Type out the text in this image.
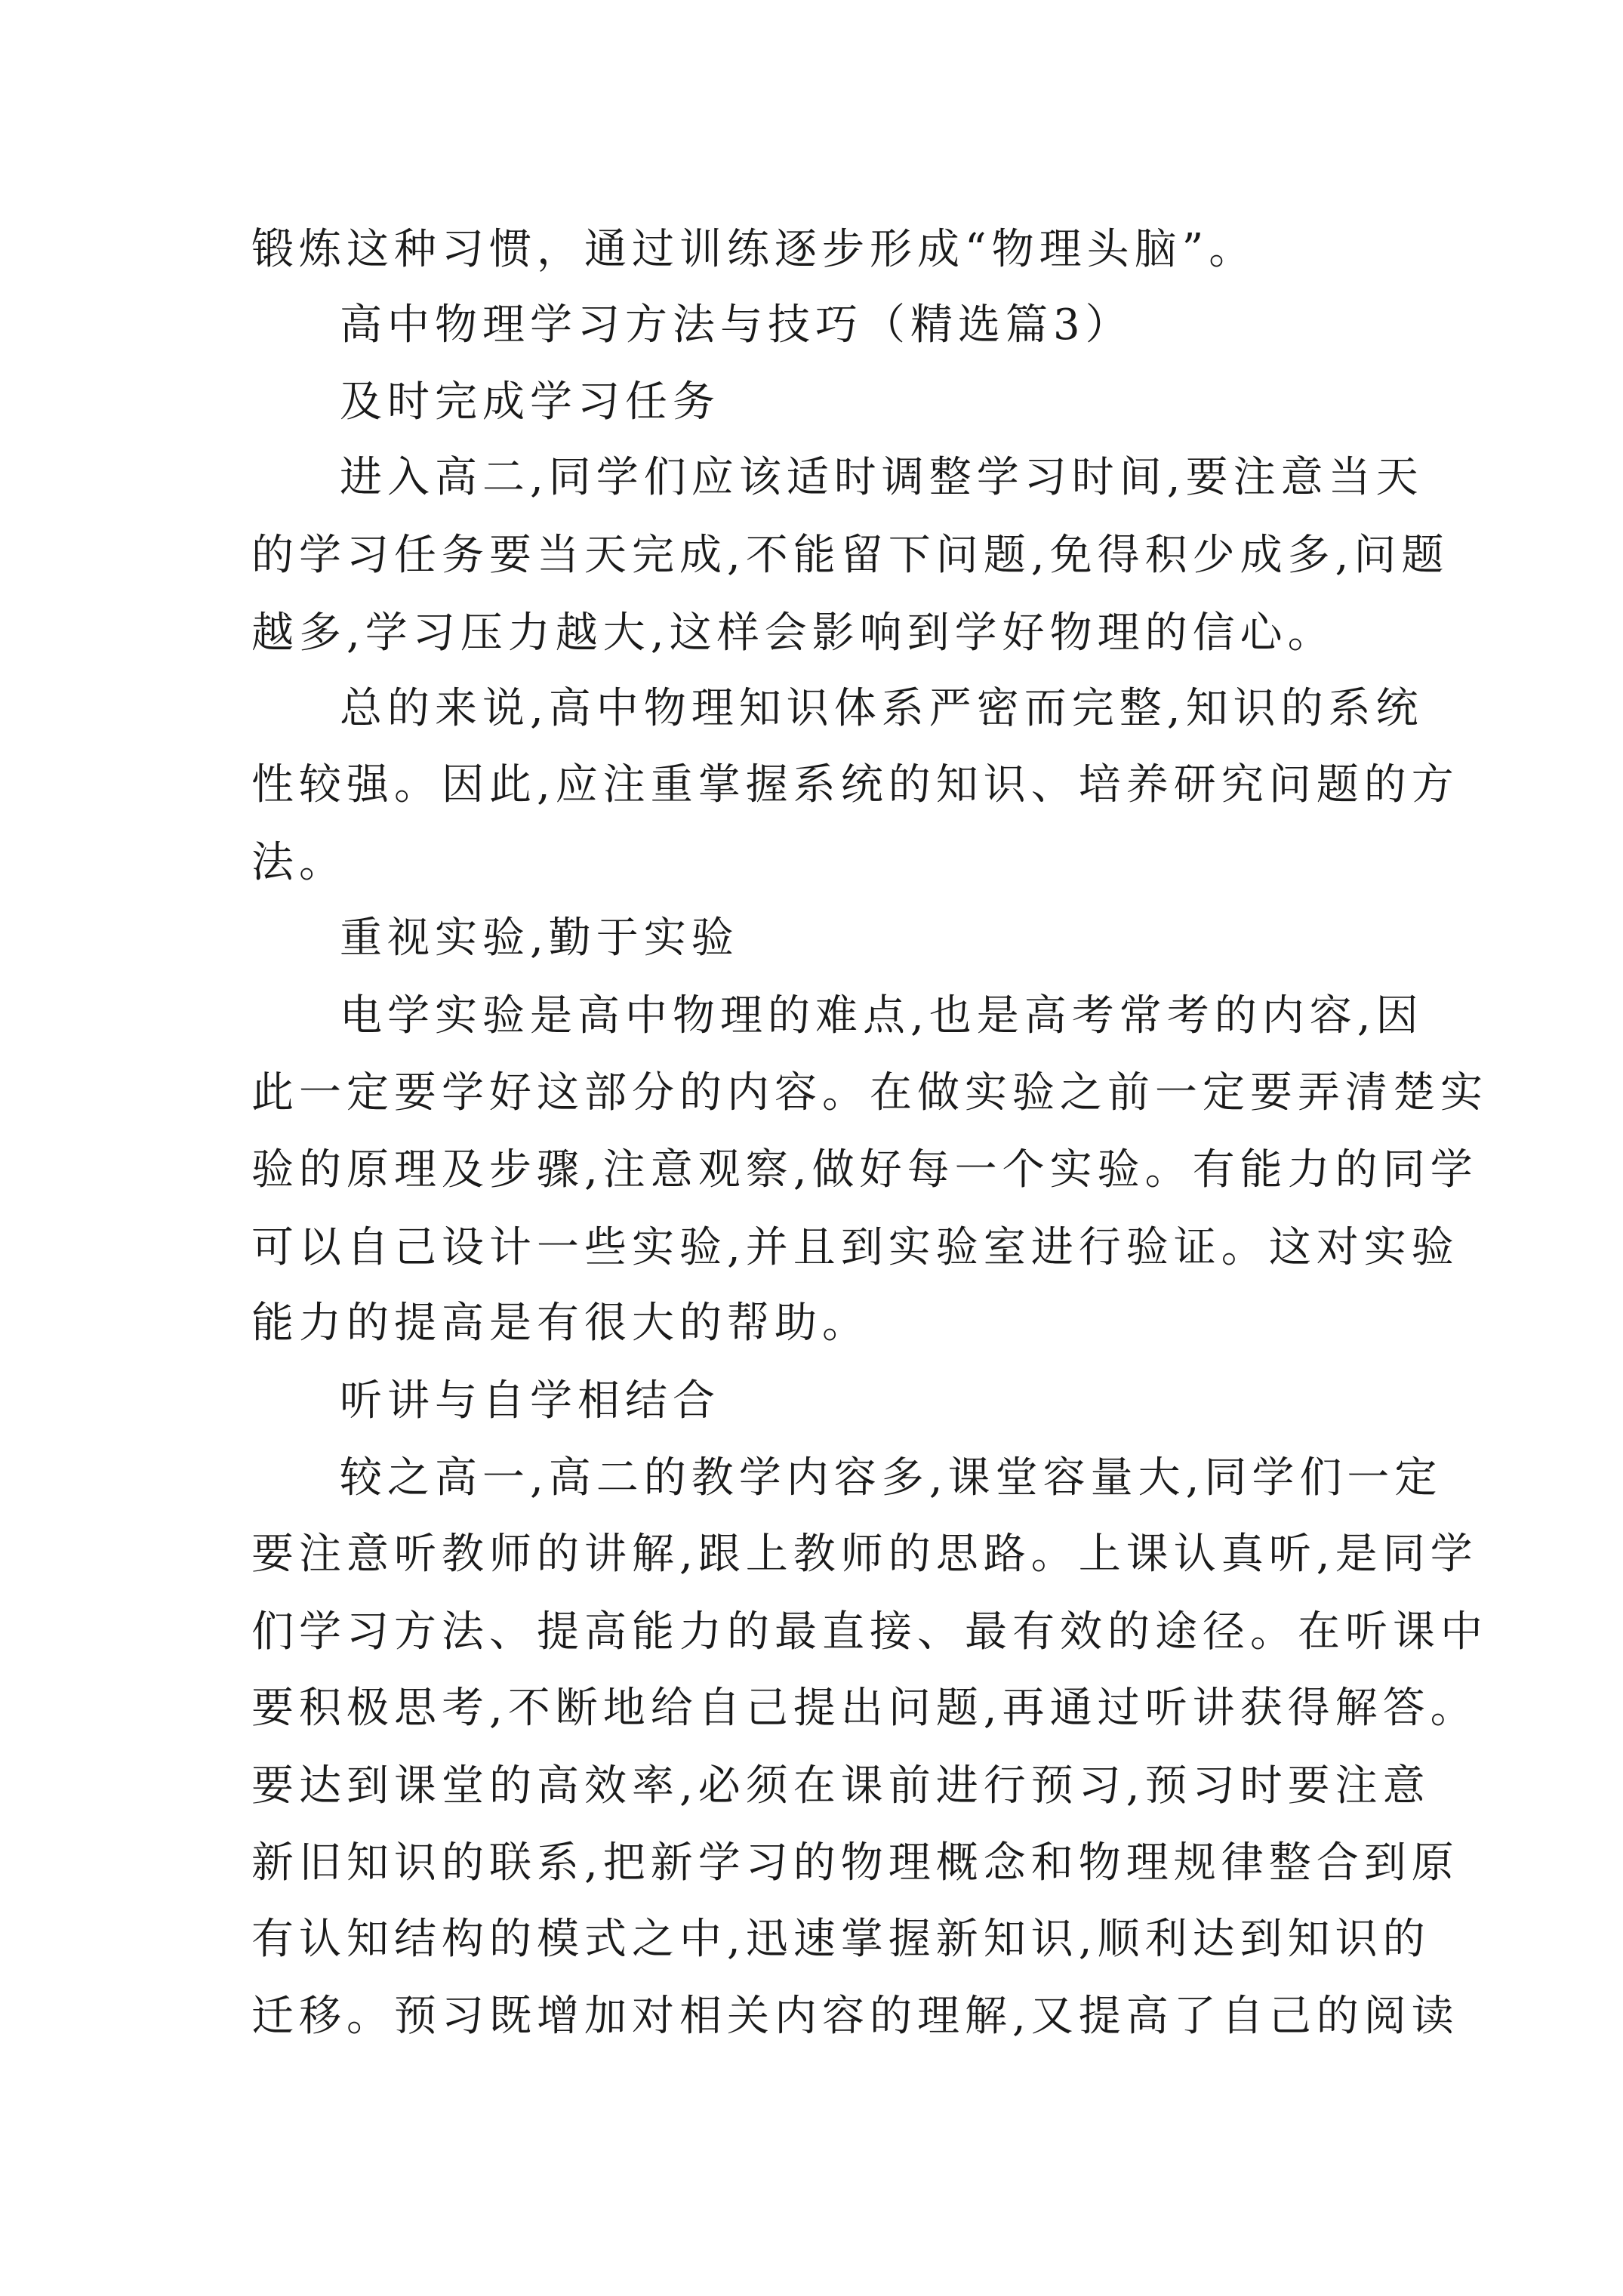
锻炼这种习惯，通过训练逐步形成“物理头脑”。
高中物理学习方法与技巧（精选篇3）
及时完成学习任务
进入高二,同学们应该适时调整学习时间,要注意当天
的学习任务要当天完成,不能留下问题,免得积少成多,问题
越多,学习压力越大,这样会影响到学好物理的信心。
总的来说,高中物理知识体系严密而完整,知识的系统
性较强。因此,应注重掌握系统的知识、培养研究问题的方
法。
重视实验,勤于实验
电学实验是高中物理的难点,也是高考常考的内容,因
此一定要学好这部分的内容。在做实验之前一定要弄清楚实
验的原理及步骤,注意观察,做好每一个实验。有能力的同学
可以自己设计一些实验,并且到实验室进行验证。这对实验
能力的提高是有很大的帮助。
听讲与自学相结合
较之高一,高二的教学内容多,课堂容量大,同学们一定
要注意听教师的讲解,跟上教师的思路。上课认真听,是同学
们学习方法、提高能力的最直接、最有效的途径。在听课中
要积极思考,不断地给自己提出问题,再通过听讲获得解答。
要达到课堂的高效率,必须在课前进行预习,预习时要注意
新旧知识的联系,把新学习的物理概念和物理规律整合到原
有认知结构的模式之中,迅速掌握新知识,顺利达到知识的
迁移。预习既增加对相关内容的理解,又提高了自己的阅读
